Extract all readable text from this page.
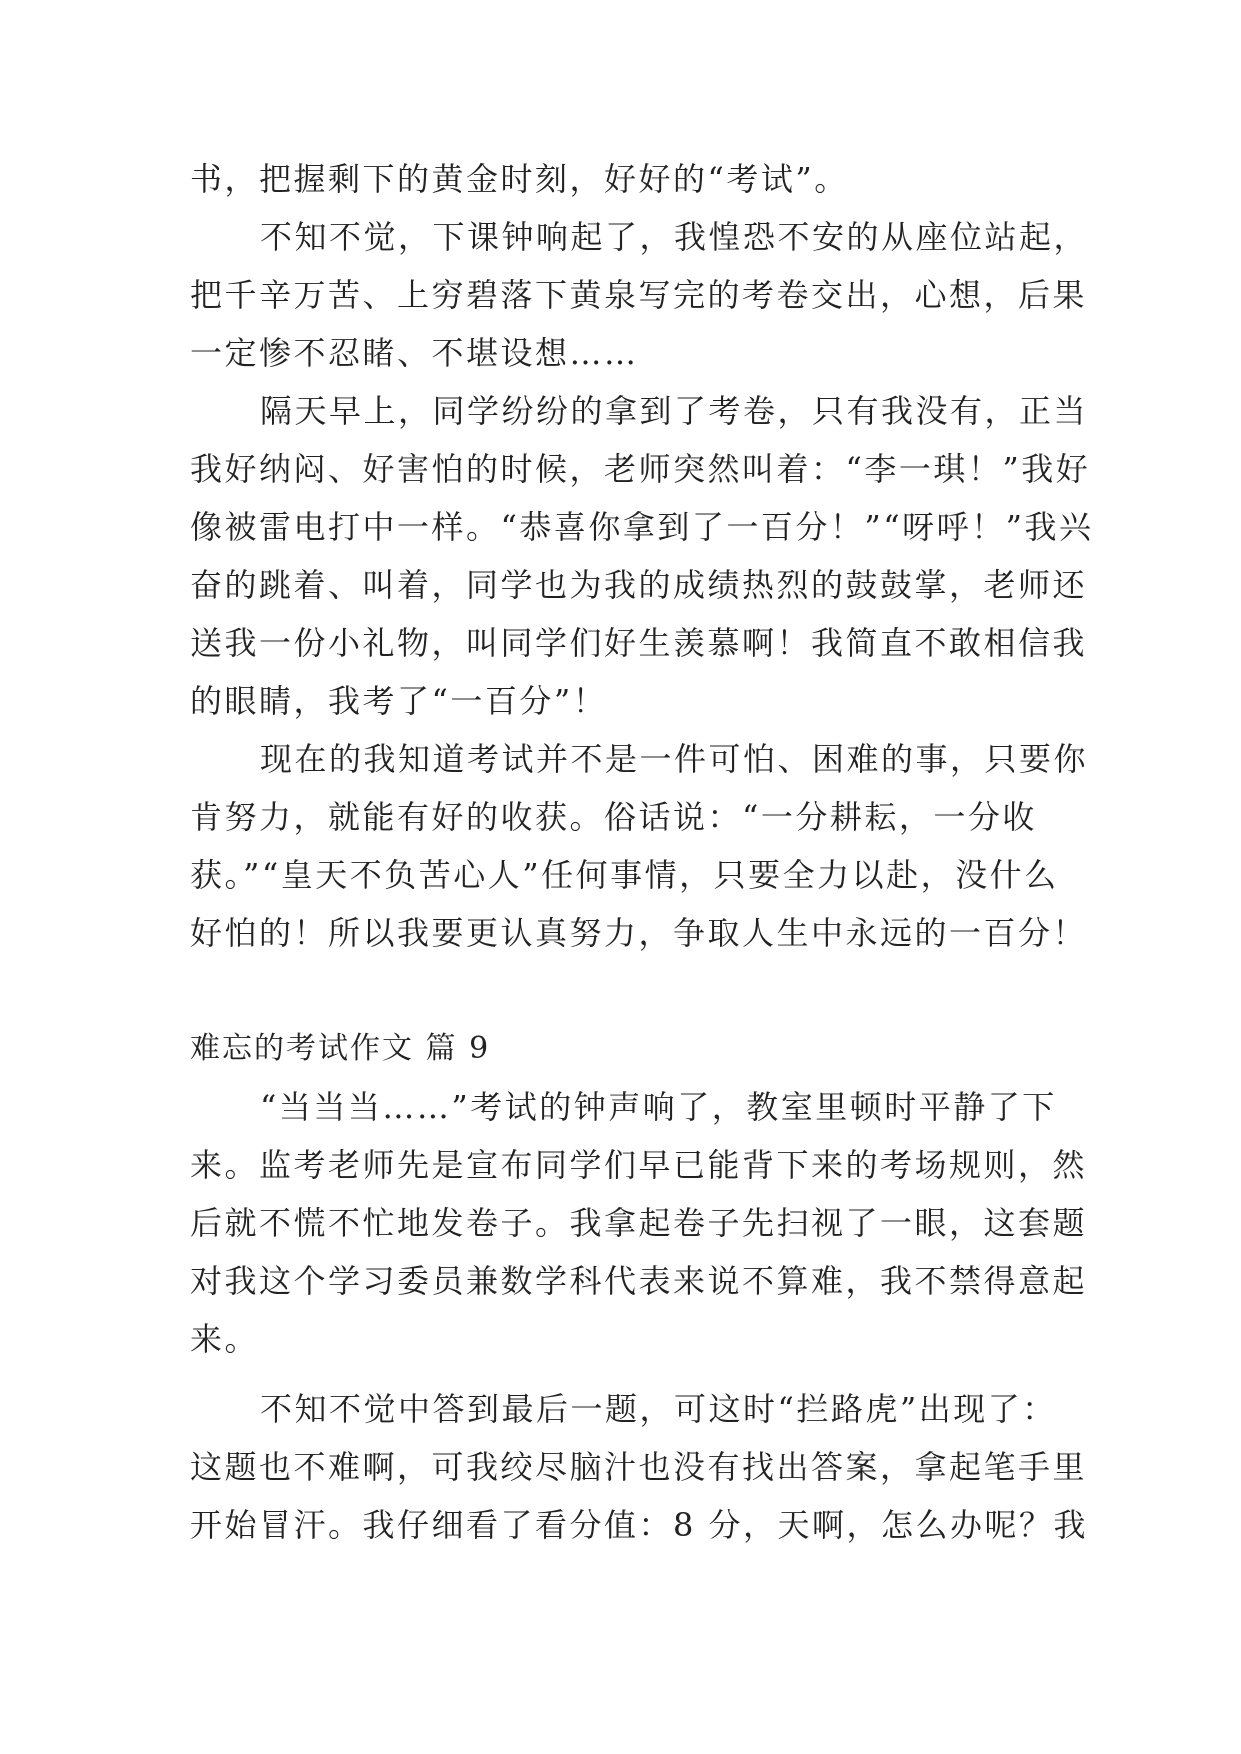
书，把握剩下的黄金时刻，好好的“考试”。
不知不觉，下课钟响起了，我惶恐不安的从座位站起，
把千辛万苦、上穷碧落下黄泉写完的考卷交出，心想，后果
一定惨不忍睹、不堪设想……
隔天早上，同学纷纷的拿到了考卷，只有我没有，正当
我好纳闷、好害怕的时候，老师突然叫着：“李一琪！”我好
像被雷电打中一样。“恭喜你拿到了一百分！”“呀呼！”我兴
奋的跳着、叫着，同学也为我的成绩热烈的鼓鼓掌，老师还
送我一份小礼物，叫同学们好生羡慕啊！我简直不敢相信我
的眼睛，我考了“一百分”！
现在的我知道考试并不是一件可怕、困难的事，只要你
肯努力，就能有好的收获。俗话说：“一分耕耘，一分收
获。”“皇天不负苦心人”任何事情，只要全力以赴，没什么
好怕的！所以我要更认真努力，争取人生中永远的一百分！
难忘的考试作文 篇 9
“当当当……”考试的钟声响了，教室里顿时平静了下
来。监考老师先是宣布同学们早已能背下来的考场规则，然
后就不慌不忙地发卷子。我拿起卷子先扫视了一眼，这套题
对我这个学习委员兼数学科代表来说不算难，我不禁得意起
来。
不知不觉中答到最后一题，可这时“拦路虎”出现了：
这题也不难啊，可我绞尽脑汁也没有找出答案，拿起笔手里
开始冒汗。我仔细看了看分值：8 分，天啊，怎么办呢？我
